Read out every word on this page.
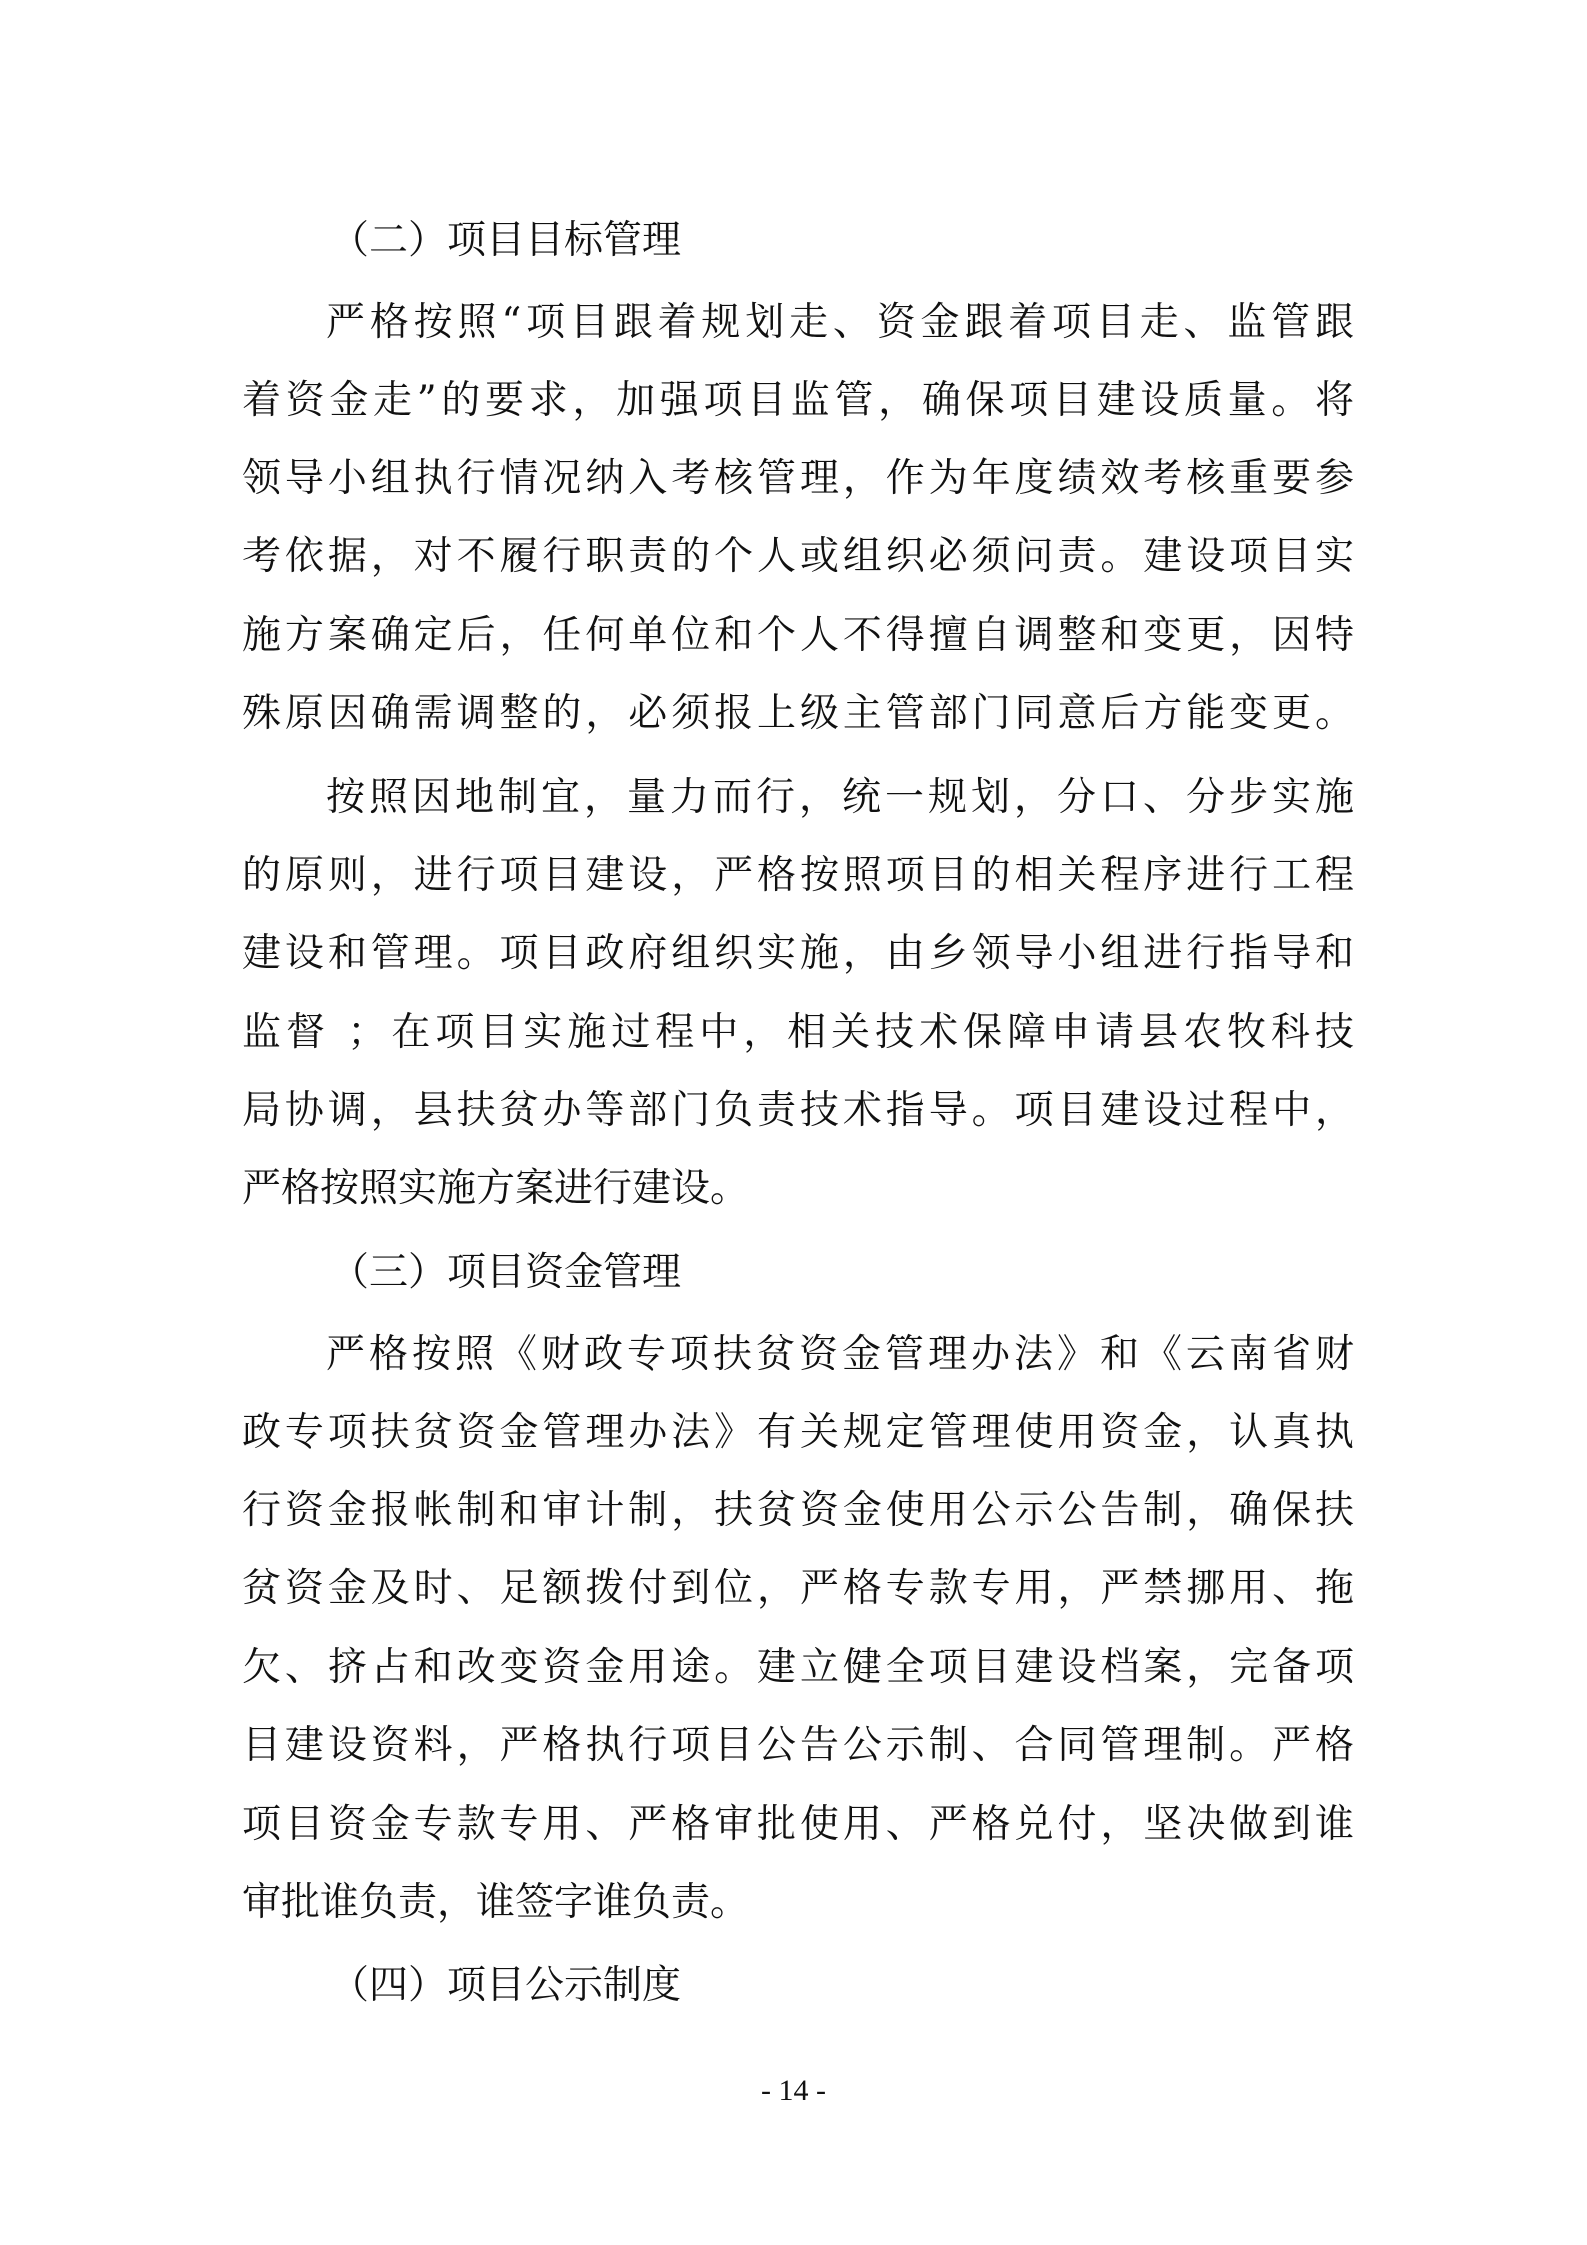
（二）项目目标管理
严格按照“项目跟着规划走、资金跟着项目走、监管跟
着资金走”的要求，加强项目监管，确保项目建设质量。将
领导小组执行情况纳入考核管理，作为年度绩效考核重要参
考依据，对不履行职责的个人或组织必须问责。建设项目实
施方案确定后，任何单位和个人不得擅自调整和变更，因特
殊原因确需调整的，必须报上级主管部门同意后方能变更。
按照因地制宜，量力而行，统一规划，分口、分步实施
的原则，进行项目建设，严格按照项目的相关程序进行工程
建设和管理。项目政府组织实施，由乡领导小组进行指导和
监督 ；在项目实施过程中，相关技术保障申请县农牧科技
局协调，县扶贫办等部门负责技术指导。项目建设过程中，
严格按照实施方案进行建设。
（三）项目资金管理
严格按照《财政专项扶贫资金管理办法》和《云南省财
政专项扶贫资金管理办法》有关规定管理使用资金，认真执
行资金报帐制和审计制，扶贫资金使用公示公告制，确保扶
贫资金及时、足额拨付到位，严格专款专用，严禁挪用、拖
欠、挤占和改变资金用途。建立健全项目建设档案，完备项
目建设资料，严格执行项目公告公示制、合同管理制。严格
项目资金专款专用、严格审批使用、严格兑付，坚决做到谁
审批谁负责，谁签字谁负责。
（四）项目公示制度
- 14 -
